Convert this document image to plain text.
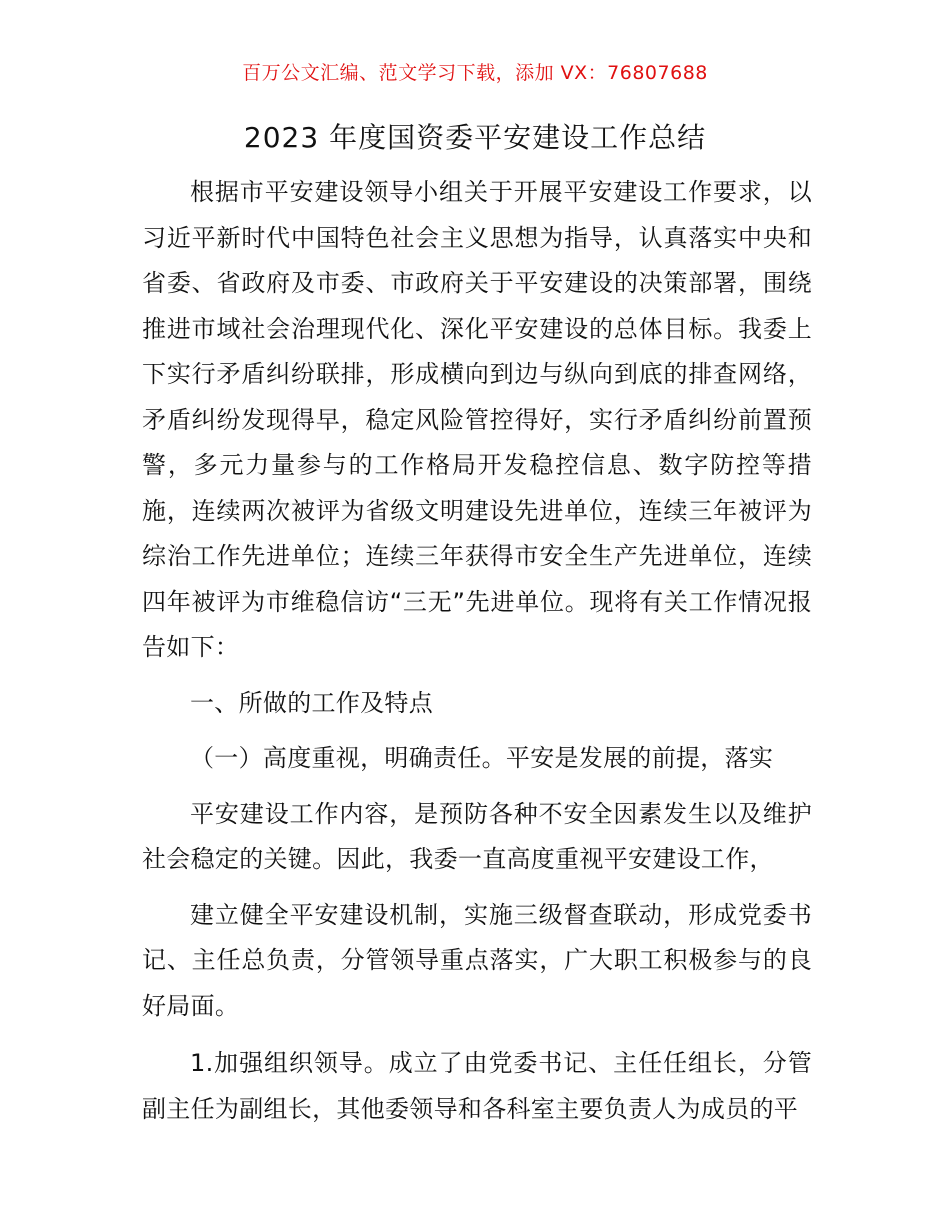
百万公文汇编、范文学习下载，添加 VX：76807688
2023 年度国资委平安建设工作总结

根据市平安建设领导小组关于开展平安建设工作要求，以习近平新时代中国特色社会主义思想为指导，认真落实中央和省委、省政府及市委、市政府关于平安建设的决策部署，围绕推进市域社会治理现代化、深化平安建设的总体目标。我委上下实行矛盾纠纷联排，形成横向到边与纵向到底的排查网络，矛盾纠纷发现得早，稳定风险管控得好，实行矛盾纠纷前置预警，多元力量参与的工作格局开发稳控信息、数字防控等措施，连续两次被评为省级文明建设先进单位，连续三年被评为综治工作先进单位；连续三年获得市安全生产先进单位，连续四年被评为市维稳信访“三无”先进单位。现将有关工作情况报告如下：

一、所做的工作及特点

（一）高度重视，明确责任。平安是发展的前提，落实

平安建设工作内容，是预防各种不安全因素发生以及维护社会稳定的关键。因此，我委一直高度重视平安建设工作，

建立健全平安建设机制，实施三级督查联动，形成党委书记、主任总负责，分管领导重点落实，广大职工积极参与的良好局面。

1.加强组织领导。成立了由党委书记、主任任组长，分管副主任为副组长，其他委领导和各科室主要负责人为成员的平
